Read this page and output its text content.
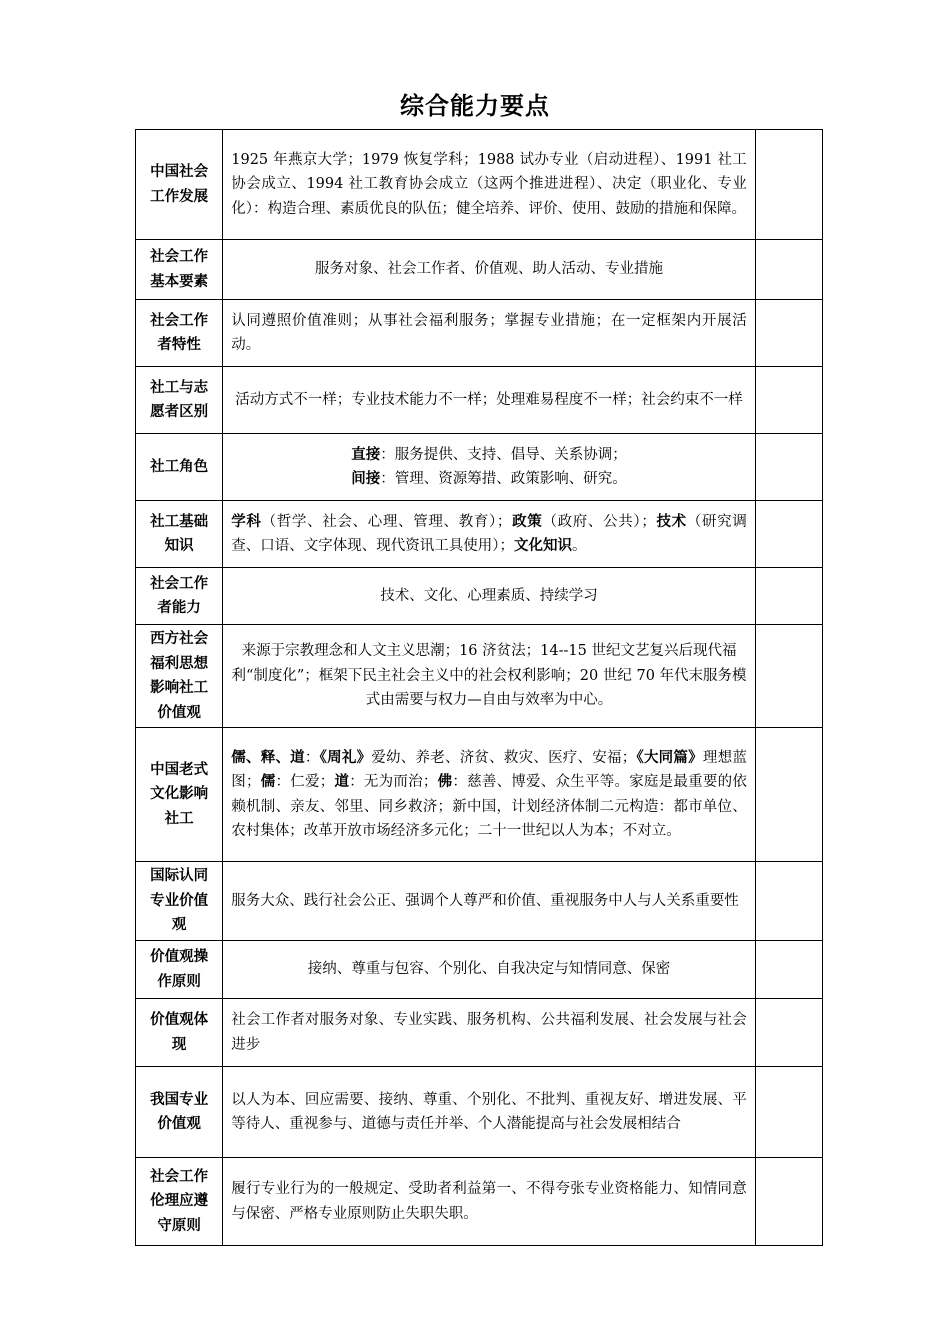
综合能力要点
中国社会工作发展	1925 年燕京大学；1979 恢复学科；1988 试办专业（启动进程）、1991 社工协会成立、1994 社工教育协会成立（这两个推进进程）、决定（职业化、专业化）：构造合理、素质优良的队伍；健全培养、评价、使用、鼓励的措施和保障。	
社会工作基本要素	服务对象、社会工作者、价值观、助人活动、专业措施	
社会工作者特性	认同遵照价值准则；从事社会福利服务；掌握专业措施；在一定框架内开展活动。	
社工与志愿者区别	活动方式不一样；专业技术能力不一样；处理难易程度不一样；社会约束不一样	
社工角色	直接：服务提供、支持、倡导、关系协调；
间接：管理、资源筹措、政策影响、研究。	

社工基础知识	学科（哲学、社会、心理、管理、教育）；政策（政府、公共）；技术（研究调查、口语、文字体现、现代资讯工具使用）；文化知识。	
社会工作者能力	技术、文化、心理素质、持续学习	
西方社会福利思想影响社工价值观	来源于宗教理念和人文主义思潮；16 济贫法；14--15 世纪文艺复兴后现代福利“制度化”；框架下民主社会主义中的社会权利影响；20 世纪 70 年代末服务模式由需要与权力—自由与效率为中心。	
中国老式文化影响社工	儒、释、道：《周礼》爱幼、养老、济贫、救灾、医疗、安福；《大同篇》理想蓝图；儒：仁爱；道：无为而治；佛：慈善、博爱、众生平等。家庭是最重要的依赖机制、亲友、邻里、同乡救济；新中国，计划经济体制二元构造：都市单位、农村集体；改革开放市场经济多元化；二十一世纪以人为本；不对立。	
国际认同专业价值观	服务大众、践行社会公正、强调个人尊严和价值、重视服务中人与人关系重要性	
价值观操作原则	接纳、尊重与包容、个别化、自我决定与知情同意、保密	
价值观体现	社会工作者对服务对象、专业实践、服务机构、公共福利发展、社会发展与社会进步	
我国专业价值观	以人为本、回应需要、接纳、尊重、个别化、不批判、重视友好、增进发展、平等待人、重视参与、道德与责任并举、个人潜能提高与社会发展相结合	
社会工作伦理应遵守原则	履行专业行为的一般规定、受助者利益第一、不得夸张专业资格能力、知情同意与保密、严格专业原则防止失职失职。	
